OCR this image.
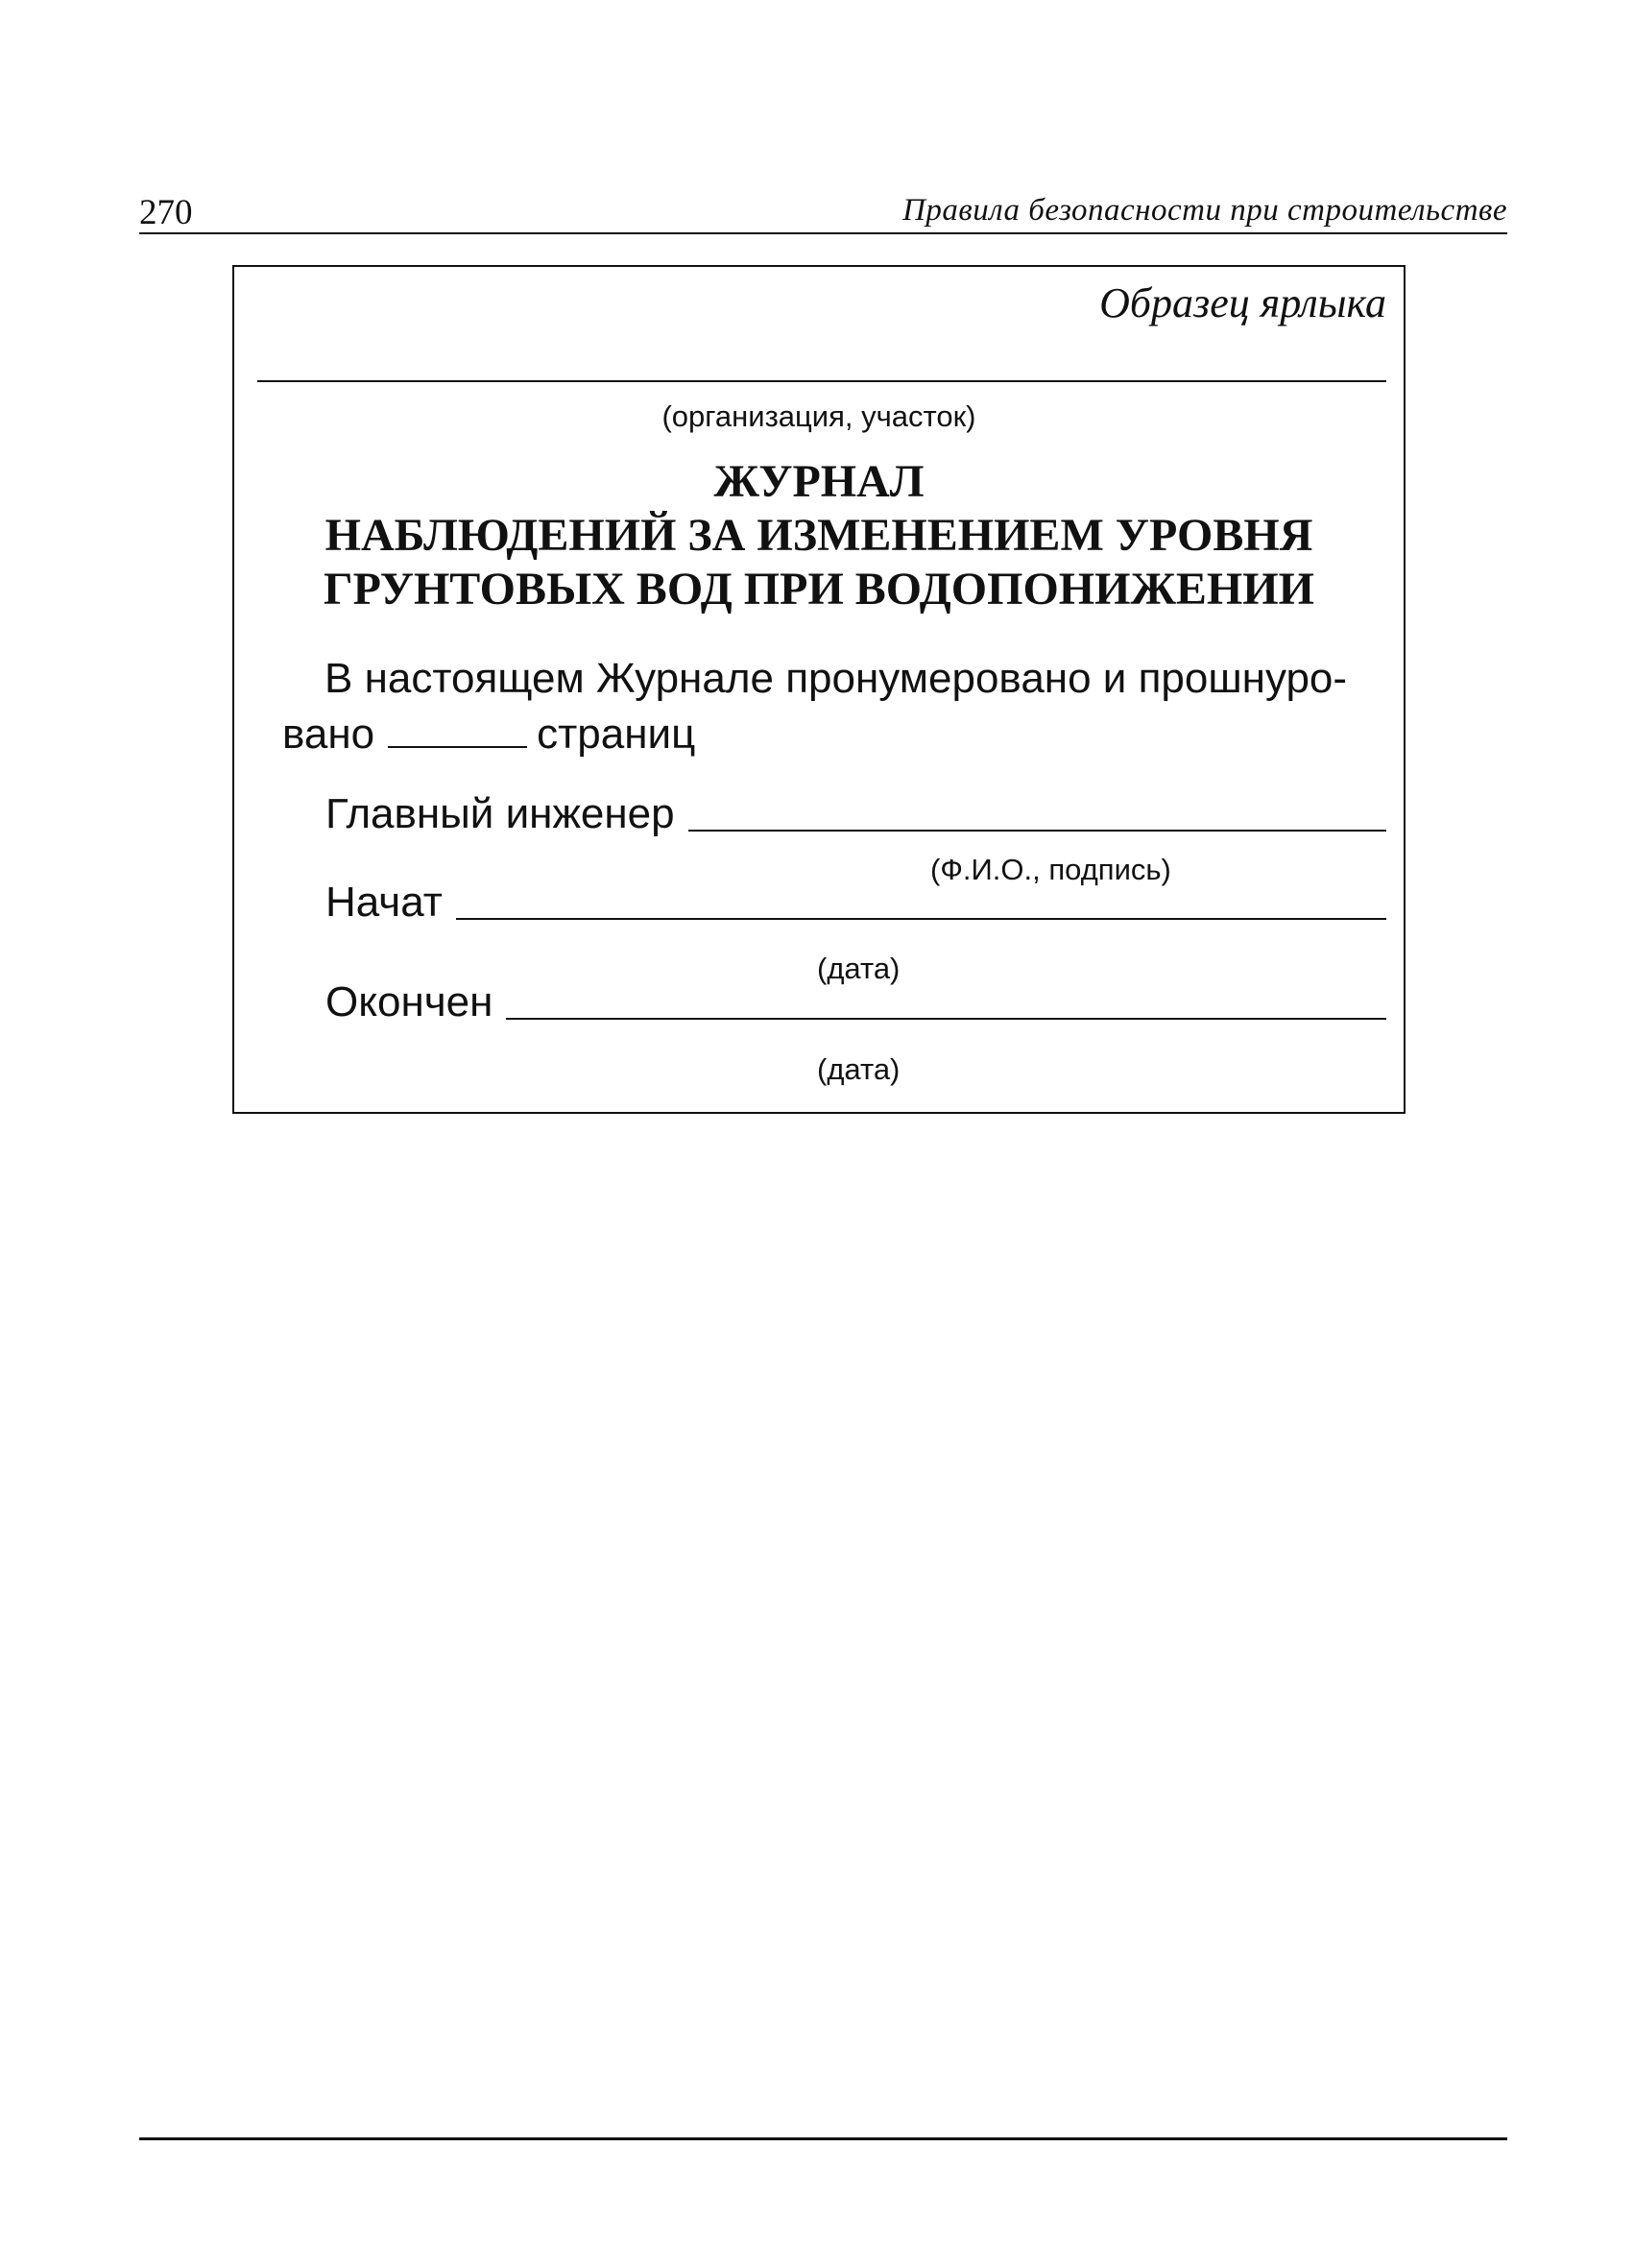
270	Правила безопасности при строительстве
Образец ярлыка
(организация, участок)
ЖУРНАЛ
НАБЛЮДЕНИЙ ЗА ИЗМЕНЕНИЕМ УРОВНЯ
ГРУНТОВЫХ ВОД ПРИ ВОДОПОНИЖЕНИИ
В настоящем Журнале пронумеровано и прошнуро-
вано	страниц
Главный инженер
(Ф.И.О., подпись)
Начат
(дата)
Окончен
(дата)
